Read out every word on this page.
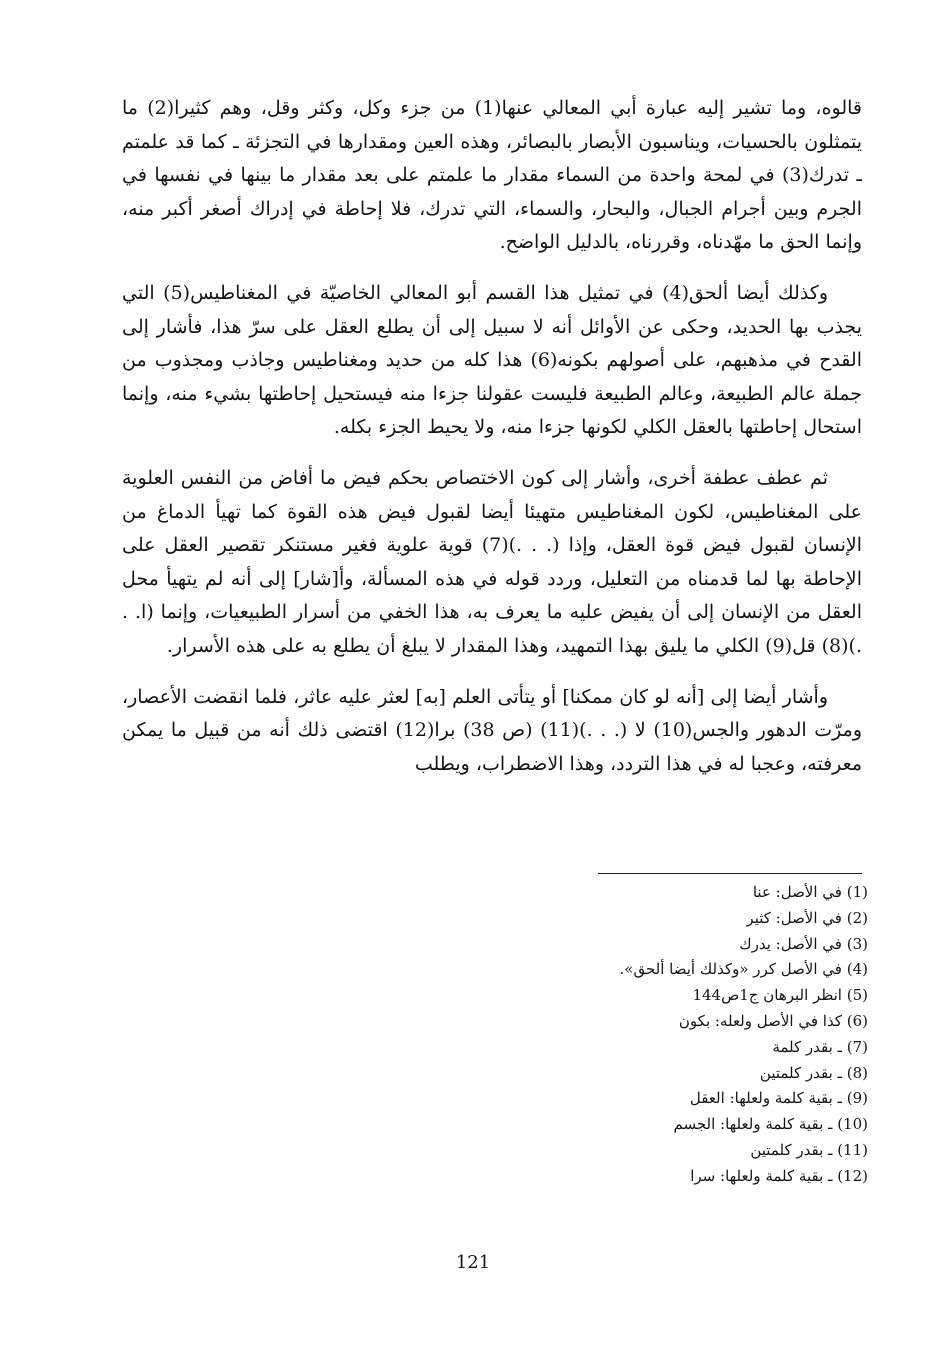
قالوه، وما تشير إليه عبارة أبي المعالي عنها(1) من جزء وكل، وكثر وقل، وهم كثيرا(2) ما يتمثلون بالحسيات، ويناسبون الأبصار بالبصائر، وهذه العين ومقدارها في التجزئة ـ كما قد علمتم ـ تدرك(3) في لمحة واحدة من السماء مقدار ما علمتم على بعد مقدار ما بينها في نفسها في الجرم وبين أجرام الجبال، والبحار، والسماء، التي تدرك، فلا إحاطة في إدراك أصغر أكبر منه، وإنما الحق ما مهّدناه، وقررناه، بالدليل الواضح.

وكذلك أيضا ألحق(4) في تمثيل هذا القسم أبو المعالي الخاصيّة في المغناطيس(5) التي يجذب بها الحديد، وحكى عن الأوائل أنه لا سبيل إلى أن يطلع العقل على سرّ هذا، فأشار إلى القدح في مذهبهم، على أصولهم بكونه(6) هذا كله من حديد ومغناطيس وجاذب ومجذوب من جملة عالم الطبيعة، وعالم الطبيعة فليست عقولنا جزءا منه فيستحيل إحاطتها بشيء منه، وإنما استحال إحاطتها بالعقل الكلي لكونها جزءا منه، ولا يحيط الجزء بكله.

ثم عطف عطفة أخرى، وأشار إلى كون الاختصاص بحكم فيض ما أفاض من النفس العلوية على المغناطيس، لكون المغناطيس متهيئا أيضا لقبول فيض هذه القوة كما تهيأ الدماغ من الإنسان لقبول فيض قوة العقل، وإذا (. . .)(7) قوية علوية فغير مستنكر تقصير العقل على الإحاطة بها لما قدمناه من التعليل، وردد قوله في هذه المسألة، وأ[شار] إلى أنه لم يتهيأ محل العقل من الإنسان إلى أن يفيض عليه ما يعرف به، هذا الخفي من أسرار الطبيعيات، وإنما (ا. . .)(8) قل(9) الكلي ما يليق بهذا التمهيد، وهذا المقدار لا يبلغ أن يطلع به على هذه الأسرار.

وأشار أيضا إلى [أنه لو كان ممكنا] أو يتأتى العلم [به] لعثر عليه عاثر، فلما انقضت الأعصار، ومرّت الدهور والجس(10) لا (. . .)(11) (ص 38) برا(12) اقتضى ذلك أنه من قبيل ما يمكن معرفته، وعجبا له في هذا التردد، وهذا الاضطراب، ويطلب

(1) في الأصل: عنا
(2) في الأصل: كثير
(3) في الأصل: يدرك
(4) في الأصل كرر «وكذلك أيضا ألحق».
(5) انظر البرهان ج1ص144
(6) كذا في الأصل ولعله: بكون
(7) ـ بقدر كلمة
(8) ـ بقدر كلمتين
(9) ـ بقية كلمة ولعلها: العقل
(10) ـ بقية كلمة ولعلها: الجسم
(11) ـ بقدر كلمتين
(12) ـ بقية كلمة ولعلها: سرا
121
